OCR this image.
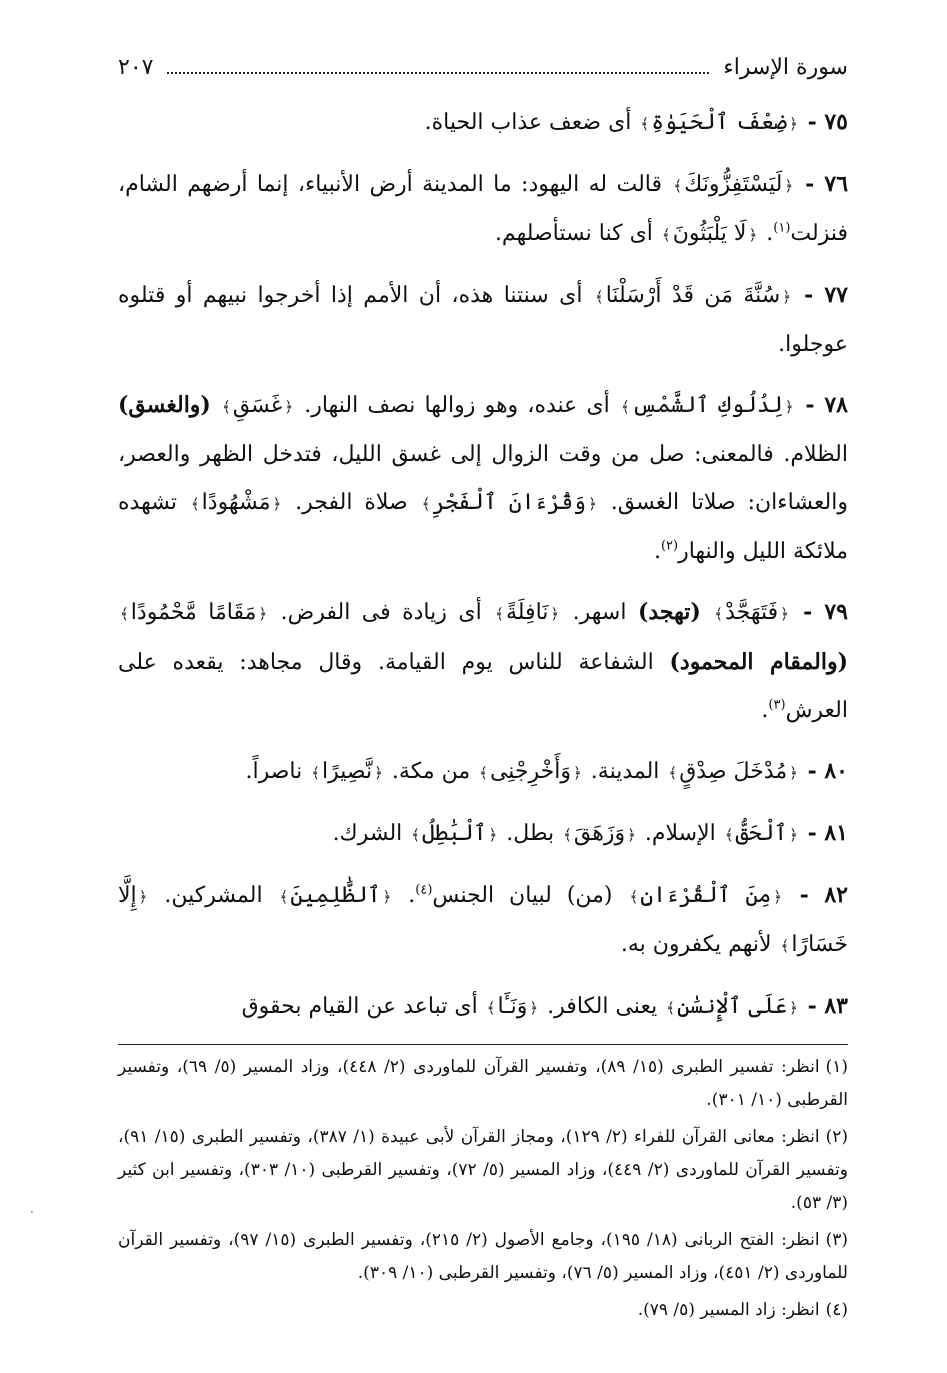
سورة الإسراء
٢٠٧
٧٥ - ﴿ضِعْفَ ٱلْحَيَوٰةِ﴾ أى ضعف عذاب الحياة.
٧٦ - ﴿لَيَسْتَفِزُّونَكَ﴾ قالت له اليهود: ما المدينة أرض الأنبياء، إنما أرضهم الشام، فنزلت$^{(١)}$. ﴿لَا يَلْبَثُونَ﴾ أى كنا نستأصلهم.
٧٧ - ﴿سُنَّةَ مَن قَدْ أَرْسَلْنَا﴾ أى سنتنا هذه، أن الأمم إذا أخرجوا نبيهم أو قتلوه عوجلوا.
٧٨ - ﴿لِدُلُوكِ ٱلشَّمْسِ﴾ أى عنده، وهو زوالها نصف النهار. ﴿غَسَقِ﴾ (والغسق) الظلام. فالمعنى: صل من وقت الزوال إلى غسق الليل، فتدخل الظهر والعصر، والعشاءان: صلاتا الغسق. ﴿وَقُرْءَانَ ٱلْفَجْرِ﴾ صلاة الفجر. ﴿مَشْهُودًا﴾ تشهده ملائكة الليل والنهار$^{(٢)}$.
٧٩ - ﴿فَتَهَجَّدْ﴾ (تهجد) اسهر. ﴿نَافِلَةً﴾ أى زيادة فى الفرض. ﴿مَقَامًا مَّحْمُودًا﴾ (والمقام المحمود) الشفاعة للناس يوم القيامة. وقال مجاهد: يقعده على العرش$^{(٣)}$.
٨٠ - ﴿مُدْخَلَ صِدْقٍ﴾ المدينة. ﴿وَأَخْرِجْنِى﴾ من مكة. ﴿نَّصِيرًا﴾ ناصراً.
٨١ - ﴿ٱلْحَقُّ﴾ الإسلام. ﴿وَزَهَقَ﴾ بطل. ﴿ٱلْبَٰطِلُ﴾ الشرك.
٨٢ - ﴿مِنَ ٱلْقُرْءَانِ﴾ (من) لبيان الجنس$^{(٤)}$. ﴿ٱلظَّٰلِمِينَ﴾ المشركين. ﴿إِلَّا خَسَارًا﴾ لأنهم يكفرون به.
٨٣ - ﴿عَلَى ٱلْإِنسَٰنِ﴾ يعنى الكافر. ﴿وَنَـَٔا﴾ أى تباعد عن القيام بحقوق
(١)انظر: تفسير الطبرى (١٥/ ٨٩)، وتفسير القرآن للماوردى (٢/ ٤٤٨)، وزاد المسير (٥/ ٦٩)، وتفسير القرطبى (١٠/ ٣٠١).
(٢)انظر: معانى القرآن للفراء (٢/ ١٢٩)، ومجاز القرآن لأبى عبيدة (١/ ٣٨٧)، وتفسير الطبرى (١٥/ ٩١)، وتفسير القرآن للماوردى (٢/ ٤٤٩)، وزاد المسير (٥/ ٧٢)، وتفسير القرطبى (١٠/ ٣٠٣)، وتفسير ابن كثير (٣/ ٥٣).
(٣)انظر: الفتح الربانى (١٨/ ١٩٥)، وجامع الأصول (٢/ ٢١٥)، وتفسير الطبرى (١٥/ ٩٧)، وتفسير القرآن للماوردى (٢/ ٤٥١)، وزاد المسير (٥/ ٧٦)، وتفسير القرطبى (١٠/ ٣٠٩).
(٤)انظر: زاد المسير (٥/ ٧٩).
·
